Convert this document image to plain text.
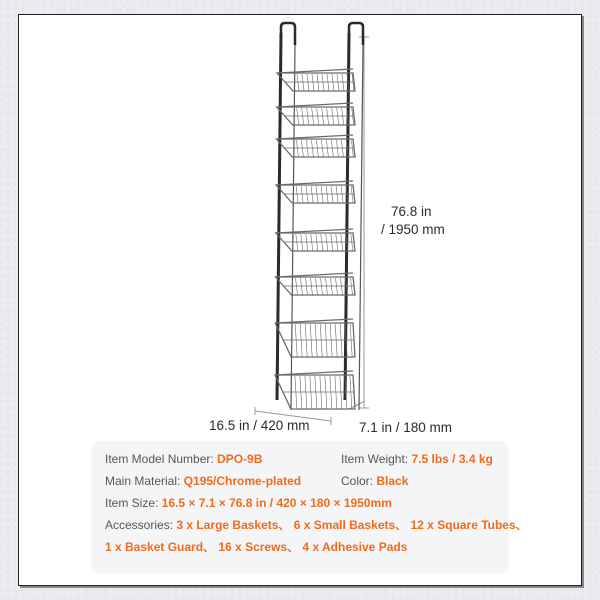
76.8 in
/ 1950 mm
16.5 in / 420 mm	7.1 in / 180 mm
Item Model Number: DPO-9B	Item Weight: 7.5 lbs / 3.4 kg
Main Material: Q195/Chrome-plated	Color: Black
Item Size: 16.5 × 7.1 × 76.8 in / 420 × 180 × 1950mm
Accessories: 3 x Large Baskets、 6 x Small Baskets、 12 x Square Tubes、
1 x Basket Guard、 16 x Screws、 4 x Adhesive Pads
